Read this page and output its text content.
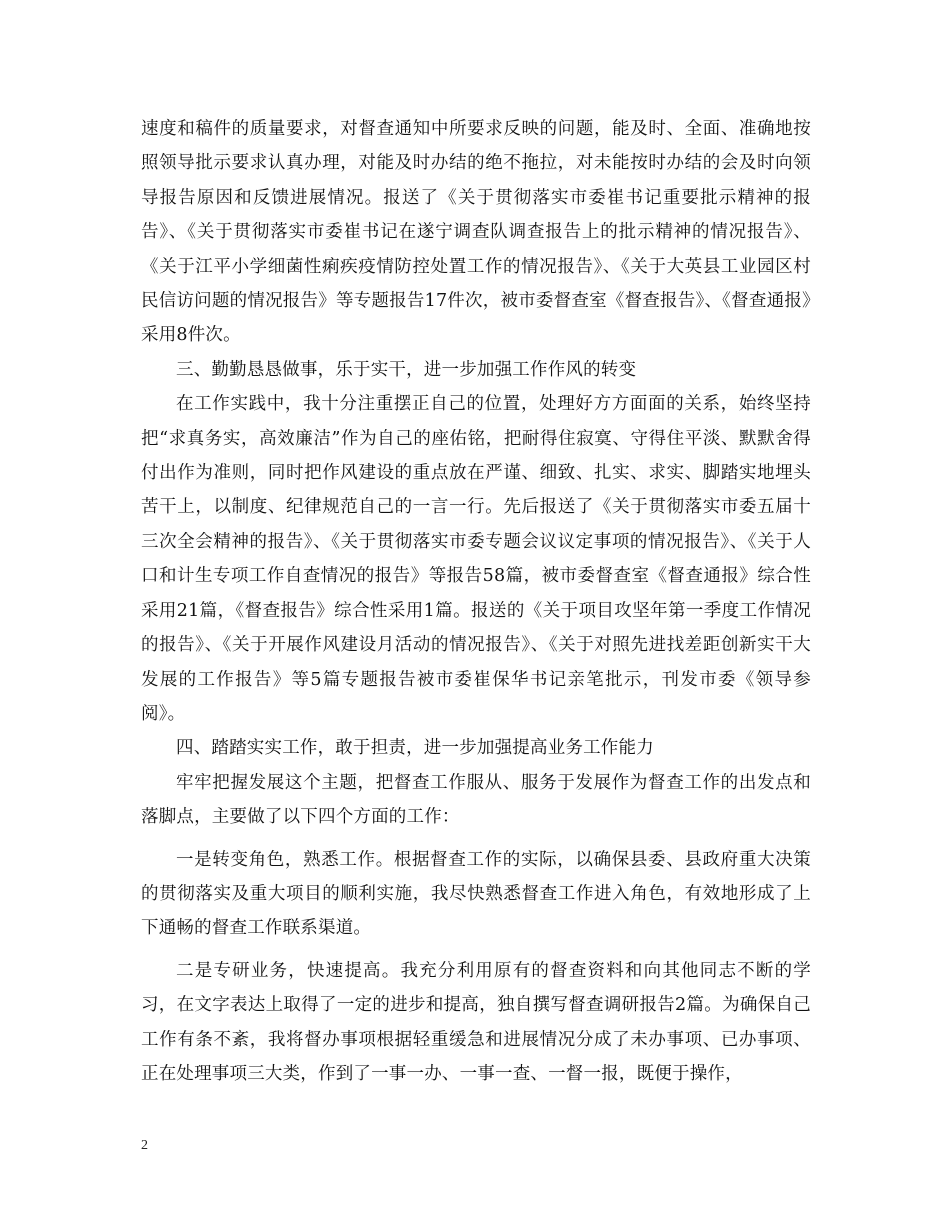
速度和稿件的质量要求，对督查通知中所要求反映的问题，能及时、全面、准确地按照领导批示要求认真办理，对能及时办结的绝不拖拉，对未能按时办结的会及时向领导报告原因和反馈进展情况。报送了《关于贯彻落实市委崔书记重要批示精神的报告》、《关于贯彻落实市委崔书记在遂宁调查队调查报告上的批示精神的情况报告》、《关于江平小学细菌性痢疾疫情防控处置工作的情况报告》、《关于大英县工业园区村民信访问题的情况报告》等专题报告17件次，被市委督查室《督查报告》、《督查通报》采用8件次。

三、勤勤恳恳做事，乐于实干，进一步加强工作作风的转变

在工作实践中，我十分注重摆正自己的位置，处理好方方面面的关系，始终坚持把“求真务实，高效廉洁”作为自己的座佑铭，把耐得住寂寞、守得住平淡、默默舍得付出作为准则，同时把作风建设的重点放在严谨、细致、扎实、求实、脚踏实地埋头苦干上，以制度、纪律规范自己的一言一行。先后报送了《关于贯彻落实市委五届十三次全会精神的报告》、《关于贯彻落实市委专题会议议定事项的情况报告》、《关于人口和计生专项工作自查情况的报告》等报告58篇，被市委督查室《督查通报》综合性采用21篇，《督查报告》综合性采用1篇。报送的《关于项目攻坚年第一季度工作情况的报告》、《关于开展作风建设月活动的情况报告》、《关于对照先进找差距创新实干大发展的工作报告》等5篇专题报告被市委崔保华书记亲笔批示，刊发市委《领导参阅》。

四、踏踏实实工作，敢于担责，进一步加强提高业务工作能力

牢牢把握发展这个主题，把督查工作服从、服务于发展作为督查工作的出发点和落脚点，主要做了以下四个方面的工作：

一是转变角色，熟悉工作。根据督查工作的实际，以确保县委、县政府重大决策的贯彻落实及重大项目的顺利实施，我尽快熟悉督查工作进入角色，有效地形成了上下通畅的督查工作联系渠道。

二是专研业务，快速提高。我充分利用原有的督查资料和向其他同志不断的学习，在文字表达上取得了一定的进步和提高，独自撰写督查调研报告2篇。为确保自己工作有条不紊，我将督办事项根据轻重缓急和进展情况分成了未办事项、已办事项、正在处理事项三大类，作到了一事一办、一事一查、一督一报，既便于操作，

2
